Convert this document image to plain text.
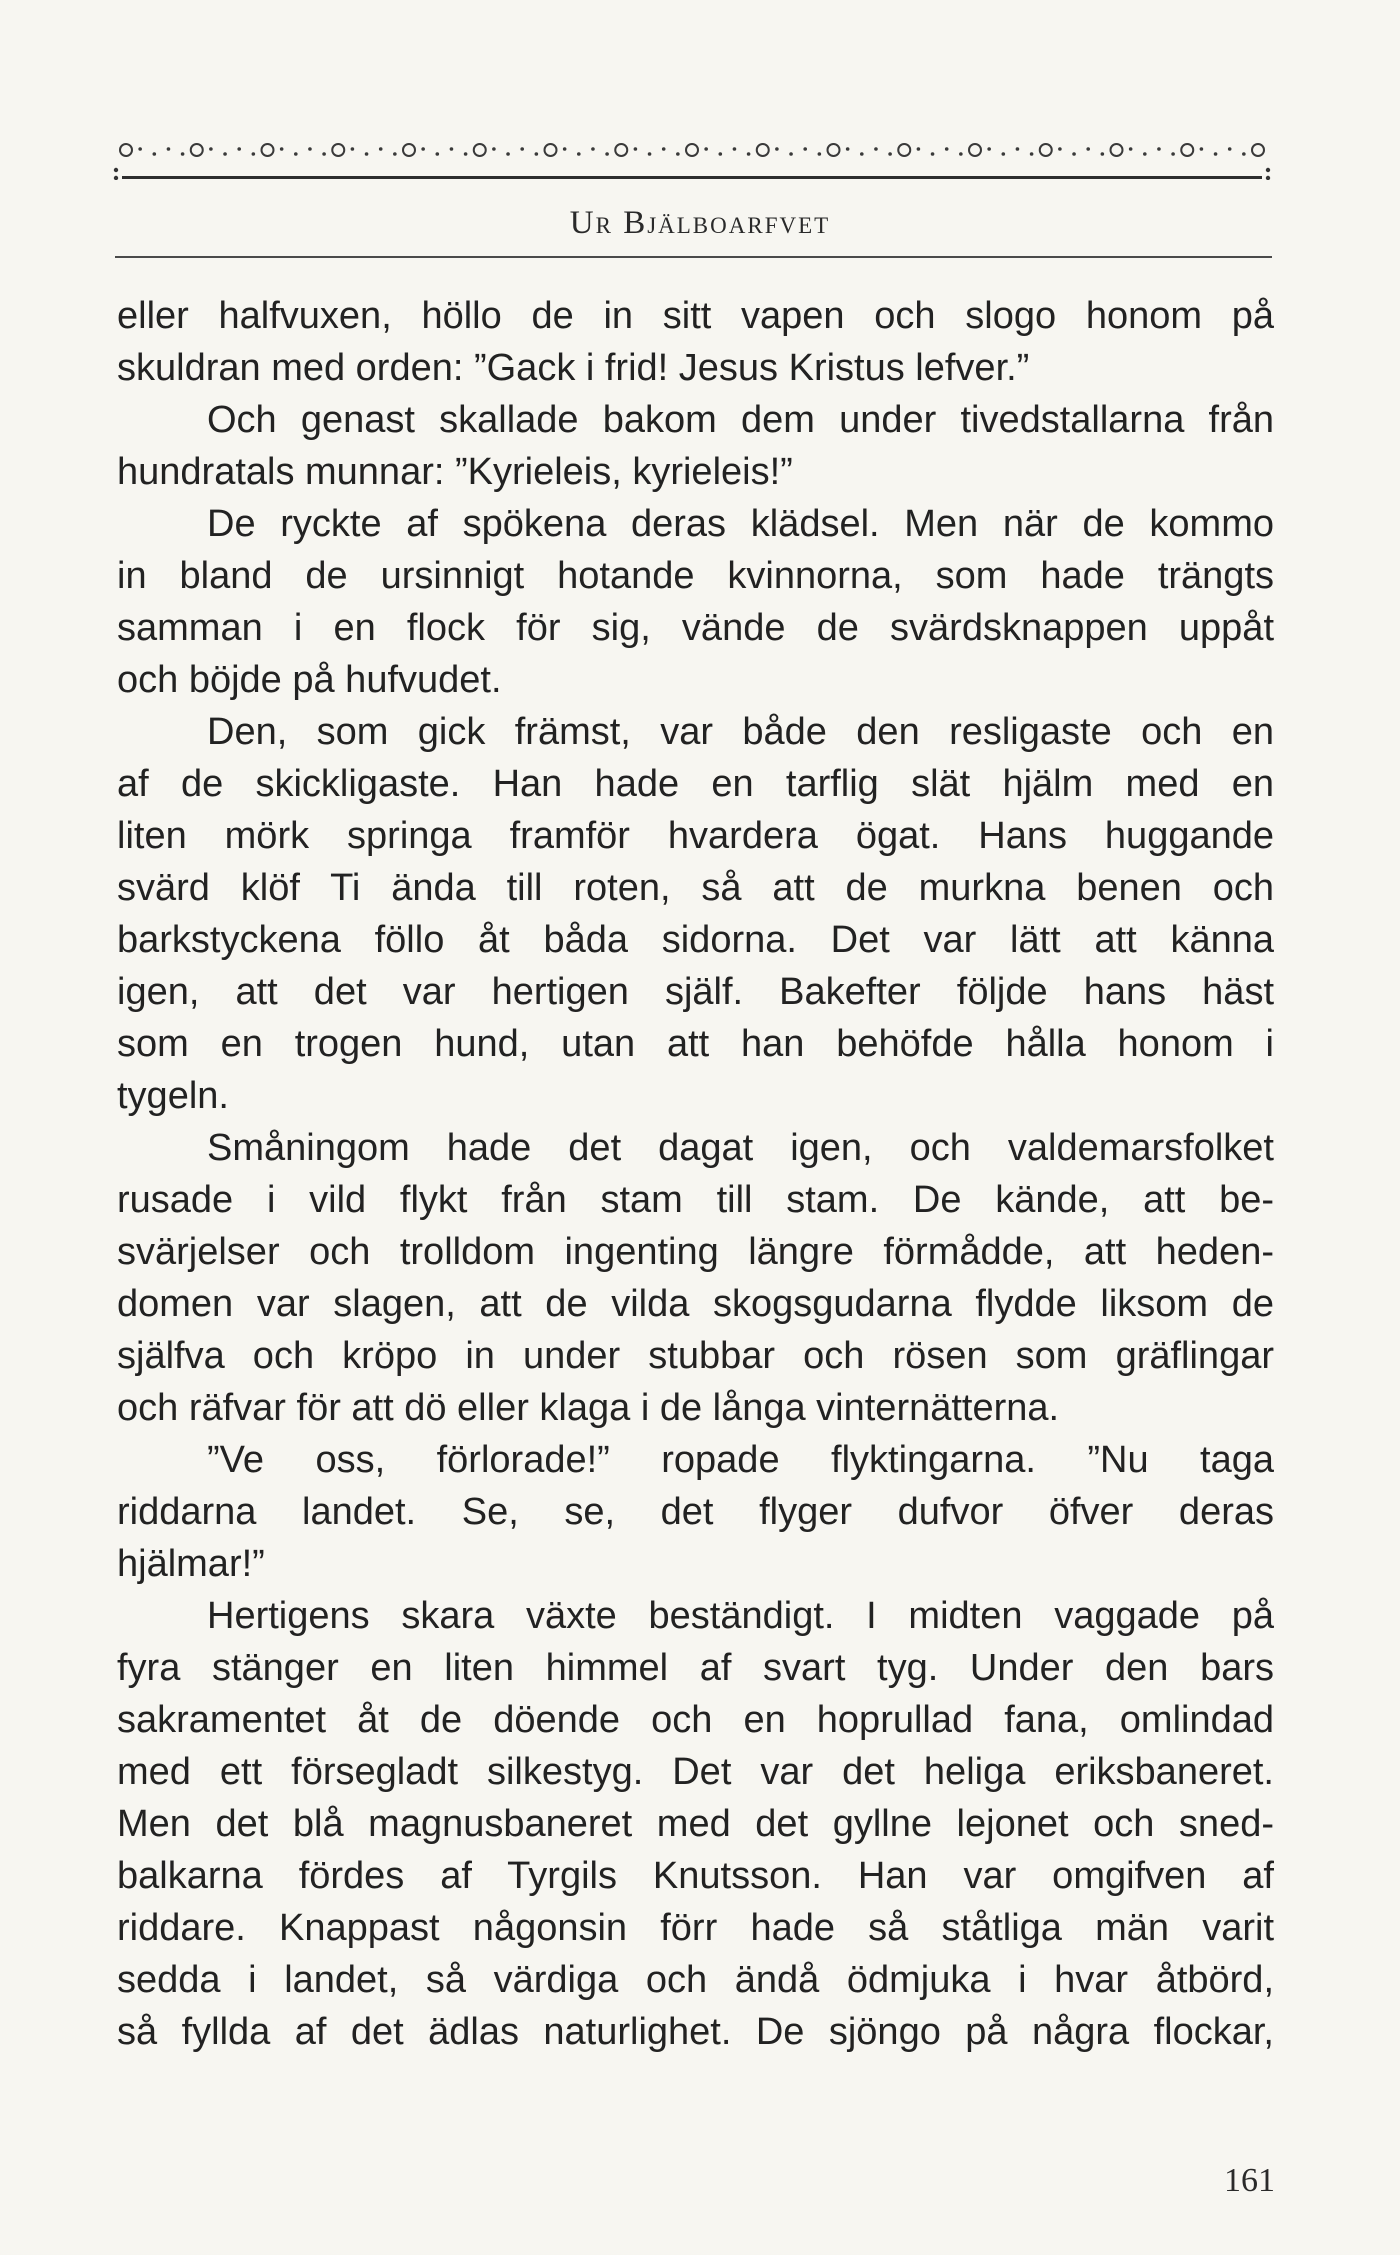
Ur Bjälboarfvet
eller halfvuxen, höllo de in sitt vapen och slogo honom på
skuldran med orden: ”Gack i frid! Jesus Kristus lefver.”
Och genast skallade bakom dem under tivedstallarna från
hundratals munnar: ”Kyrieleis, kyrieleis!”
De ryckte af spökena deras klädsel. Men när de kommo
in bland de ursinnigt hotande kvinnorna, som hade trängts
samman i en flock för sig, vände de svärdsknappen uppåt
och böjde på hufvudet.
Den, som gick främst, var både den resligaste och en
af de skickligaste. Han hade en tarflig slät hjälm med en
liten mörk springa framför hvardera ögat. Hans huggande
svärd klöf Ti ända till roten, så att de murkna benen och
barkstyckena föllo åt båda sidorna. Det var lätt att känna
igen, att det var hertigen själf. Bakefter följde hans häst
som en trogen hund, utan att han behöfde hålla honom i
tygeln.
Småningom hade det dagat igen, och valdemarsfolket
rusade i vild flykt från stam till stam. De kände, att be-
svärjelser och trolldom ingenting längre förmådde, att heden-
domen var slagen, att de vilda skogsgudarna flydde liksom de
själfva och kröpo in under stubbar och rösen som gräflingar
och räfvar för att dö eller klaga i de långa vinternätterna.
”Ve oss, förlorade!” ropade flyktingarna. ”Nu taga
riddarna landet. Se, se, det flyger dufvor öfver deras
hjälmar!”
Hertigens skara växte beständigt. I midten vaggade på
fyra stänger en liten himmel af svart tyg. Under den bars
sakramentet åt de döende och en hoprullad fana, omlindad
med ett försegladt silkestyg. Det var det heliga eriksbaneret.
Men det blå magnusbaneret med det gyllne lejonet och sned-
balkarna fördes af Tyrgils Knutsson. Han var omgifven af
riddare. Knappast någonsin förr hade så ståtliga män varit
sedda i landet, så värdiga och ändå ödmjuka i hvar åtbörd,
så fyllda af det ädlas naturlighet. De sjöngo på några flockar,
161
